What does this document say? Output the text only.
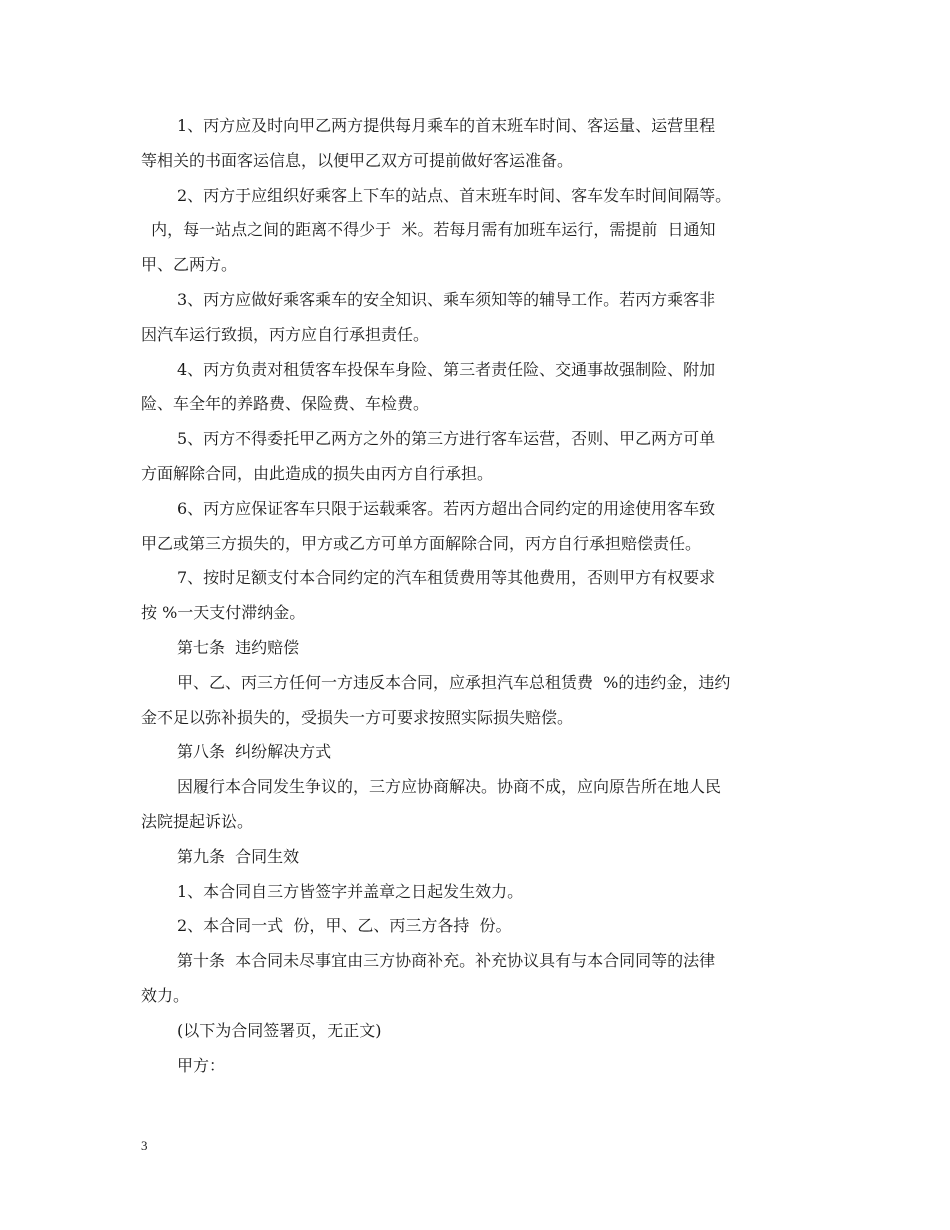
1、丙方应及时向甲乙两方提供每月乘车的首末班车时间、客运量、运营里程
等相关的书面客运信息，以便甲乙双方可提前做好客运准备。
2、丙方于应组织好乘客上下车的站点、首末班车时间、客车发车时间间隔等。
内，每一站点之间的距离不得少于  米。若每月需有加班车运行，需提前  日通知
甲、乙两方。
3、丙方应做好乘客乘车的安全知识、乘车须知等的辅导工作。若丙方乘客非
因汽车运行致损，丙方应自行承担责任。
4、丙方负责对租赁客车投保车身险、第三者责任险、交通事故强制险、附加
险、车全年的养路费、保险费、车检费。
5、丙方不得委托甲乙两方之外的第三方进行客车运营，否则、甲乙两方可单
方面解除合同，由此造成的损失由丙方自行承担。
6、丙方应保证客车只限于运载乘客。若丙方超出合同约定的用途使用客车致
甲乙或第三方损失的，甲方或乙方可单方面解除合同，丙方自行承担赔偿责任。
7、按时足额支付本合同约定的汽车租赁费用等其他费用，否则甲方有权要求
按 %一天支付滞纳金。
第七条  违约赔偿
甲、乙、丙三方任何一方违反本合同，应承担汽车总租赁费  %的违约金，违约
金不足以弥补损失的，受损失一方可要求按照实际损失赔偿。
第八条  纠纷解决方式
因履行本合同发生争议的，三方应协商解决。协商不成，应向原告所在地人民
法院提起诉讼。
第九条  合同生效
1、本合同自三方皆签字并盖章之日起发生效力。
2、本合同一式  份，甲、乙、丙三方各持  份。
第十条  本合同未尽事宜由三方协商补充。补充协议具有与本合同同等的法律
效力。
(以下为合同签署页，无正文)
甲方：
3
